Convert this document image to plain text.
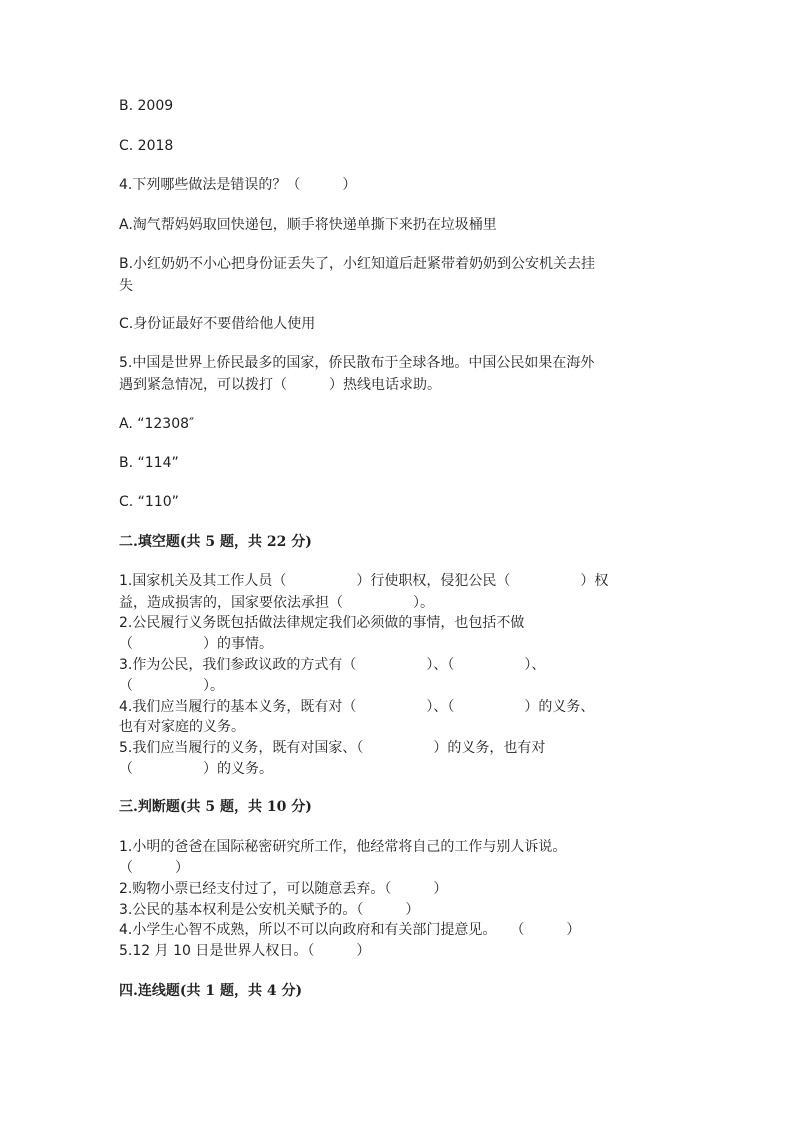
B. 2009
C. 2018
4.下列哪些做法是错误的？（　　　）
A.淘气帮妈妈取回快递包，顺手将快递单撕下来扔在垃圾桶里
B.小红奶奶不小心把身份证丢失了，小红知道后赶紧带着奶奶到公安机关去挂
失
C.身份证最好不要借给他人使用
5.中国是世界上侨民最多的国家，侨民散布于全球各地。中国公民如果在海外
遇到紧急情况，可以拨打（　　　）热线电话求助。
A. “12308″
B. “114”
C. “110”
二.填空题(共 5 题，共 22 分)
1.国家机关及其工作人员（　　　　　）行使职权，侵犯公民（　　　　　）权
益，造成损害的，国家要依法承担（　　　　　）。
2.公民履行义务既包括做法律规定我们必须做的事情，也包括不做
（　　　　　）的事情。
3.作为公民，我们参政议政的方式有（　　　　　）、（　　　　　）、
（　　　　　）。
4.我们应当履行的基本义务，既有对（　　　　　）、（　　　　　）的义务、
也有对家庭的义务。
5.我们应当履行的义务，既有对国家、（　　　　　）的义务，也有对
（　　　　　）的义务。
三.判断题(共 5 题，共 10 分)
1.小明的爸爸在国际秘密研究所工作，他经常将自己的工作与别人诉说。
（　　　）
2.购物小票已经支付过了，可以随意丢弃。（　　　）
3.公民的基本权利是公安机关赋予的。（　　　）
4.小学生心智不成熟，所以不可以向政府和有关部门提意见。　　（　　　）
5.12 月 10 日是世界人权日。（　　　）
四.连线题(共 1 题，共 4 分)
